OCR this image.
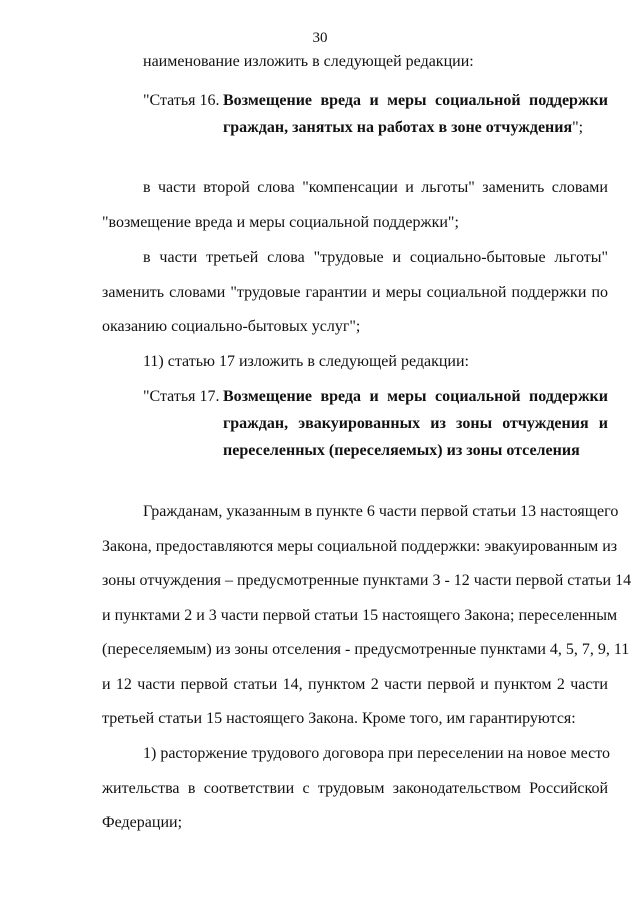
30
наименование изложить в следующей редакции:
"Статья 16. Возмещение вреда и меры социальной поддержки
граждан, занятых на работах в зоне отчуждения";
в части второй слова "компенсации и льготы" заменить словами
"возмещение вреда и меры социальной поддержки";
в части третьей слова "трудовые и социально-бытовые льготы"
заменить словами "трудовые гарантии и меры социальной поддержки по
оказанию социально-бытовых услуг";
11) статью 17 изложить в следующей редакции:
"Статья 17. Возмещение вреда и меры социальной поддержки
граждан, эвакуированных из зоны отчуждения и
переселенных (переселяемых) из зоны отселения
Гражданам, указанным в пункте 6 части первой статьи 13 настоящего
Закона, предоставляются меры социальной поддержки: эвакуированным из
зоны отчуждения – предусмотренные пунктами 3 - 12 части первой статьи 14
и пунктами 2 и 3 части первой статьи 15 настоящего Закона; переселенным
(переселяемым) из зоны отселения - предусмотренные пунктами 4, 5, 7, 9, 11
и 12 части первой статьи 14, пунктом 2 части первой и пунктом 2 части
третьей статьи 15 настоящего Закона. Кроме того, им гарантируются:
1) расторжение трудового договора при переселении на новое место
жительства в соответствии с трудовым законодательством Российской
Федерации;
